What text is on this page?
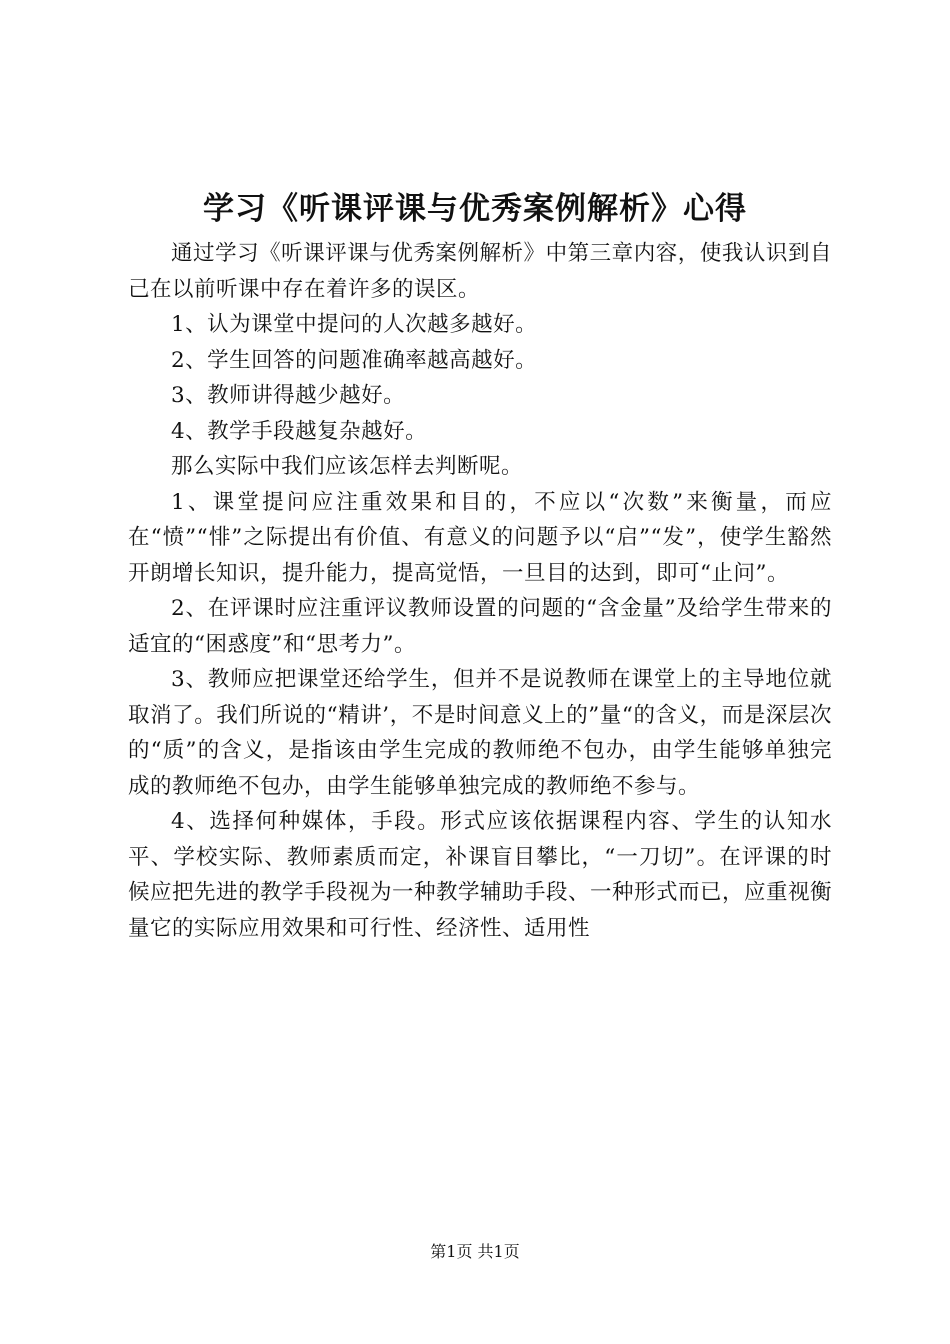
学习《听课评课与优秀案例解析》心得

通过学习《听课评课与优秀案例解析》中第三章内容，使我认识到自己在以前听课中存在着许多的误区。

1、认为课堂中提问的人次越多越好。

2、学生回答的问题准确率越高越好。

3、教师讲得越少越好。

4、教学手段越复杂越好。

那么实际中我们应该怎样去判断呢。

1、课堂提问应注重效果和目的，不应以“次数”来衡量，而应在“愤”“悱”之际提出有价值、有意义的问题予以“启”“发”，使学生豁然开朗增长知识，提升能力，提高觉悟，一旦目的达到，即可“止问”。

2、在评课时应注重评议教师设置的问题的“含金量”及给学生带来的适宜的“困惑度”和“思考力”。

3、教师应把课堂还给学生，但并不是说教师在课堂上的主导地位就取消了。我们所说的“精讲’，不是时间意义上的”量“的含义，而是深层次的“质”的含义，是指该由学生完成的教师绝不包办，由学生能够单独完成的教师绝不包办，由学生能够单独完成的教师绝不参与。

4、选择何种媒体，手段。形式应该依据课程内容、学生的认知水平、学校实际、教师素质而定，补课盲目攀比，“一刀切”。在评课的时候应把先进的教学手段视为一种教学辅助手段、一种形式而已，应重视衡量它的实际应用效果和可行性、经济性、适用性

第1页 共1页
